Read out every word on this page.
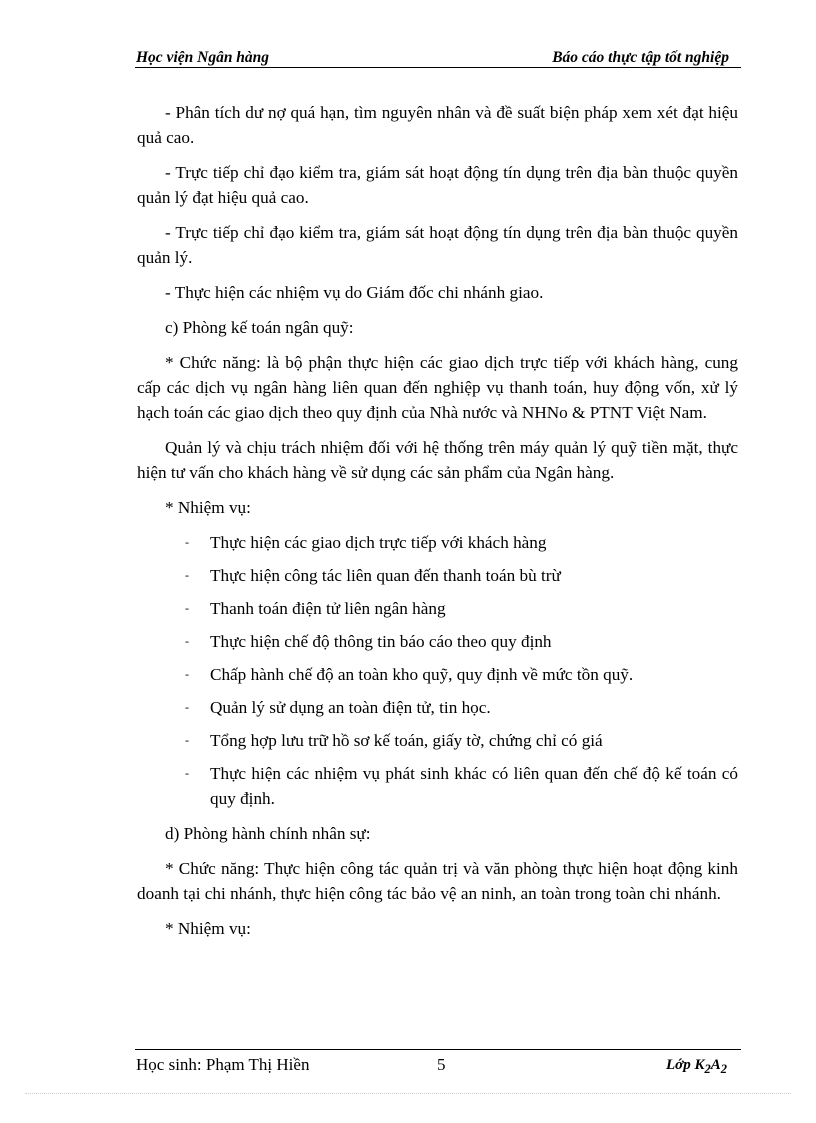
Học viện Ngân hàng	Báo cáo thực tập tốt nghiệp

- Phân tích dư nợ quá hạn, tìm nguyên nhân và đề suất biện pháp xem xét đạt hiệu quả cao.

- Trực tiếp chỉ đạo kiểm tra, giám sát hoạt động tín dụng trên địa bàn thuộc quyền quản lý đạt hiệu quả cao.

- Trực tiếp chỉ đạo kiểm tra, giám sát hoạt động tín dụng trên địa bàn thuộc quyền quản lý.

- Thực hiện các nhiệm vụ do Giám đốc chi nhánh giao.

c) Phòng kế toán ngân quỹ:

* Chức năng: là bộ phận thực hiện các giao dịch trực tiếp với khách hàng, cung cấp các dịch vụ ngân hàng liên quan đến nghiệp vụ thanh toán, huy động vốn, xử lý hạch toán các giao dịch theo quy định của Nhà nước và NHNo & PTNT Việt Nam.

Quản lý và chịu trách nhiệm đối với hệ thống trên máy quản lý quỹ tiền mặt, thực hiện tư vấn cho khách hàng về sử dụng các sản phẩm của Ngân hàng.

* Nhiệm vụ:

- Thực hiện các giao dịch trực tiếp với khách hàng
- Thực hiện công tác liên quan đến thanh toán bù trừ
- Thanh toán điện tử liên ngân hàng
- Thực hiện chế độ thông tin báo cáo theo quy định
- Chấp hành chế độ an toàn kho quỹ, quy định về mức tồn quỹ.
- Quản lý sử dụng an toàn điện tử, tin học.
- Tổng hợp lưu trữ hồ sơ kế toán, giấy tờ, chứng chỉ có giá
- Thực hiện các nhiệm vụ phát sinh khác có liên quan đến chế độ kế toán có quy định.

d) Phòng hành chính nhân sự:

* Chức năng: Thực hiện công tác quản trị và văn phòng thực hiện hoạt động kinh doanh tại chi nhánh, thực hiện công tác bảo vệ an ninh, an toàn trong toàn chi nhánh.

* Nhiệm vụ:

Học sinh: Phạm Thị Hiền	5	Lớp $K_2A_2$
